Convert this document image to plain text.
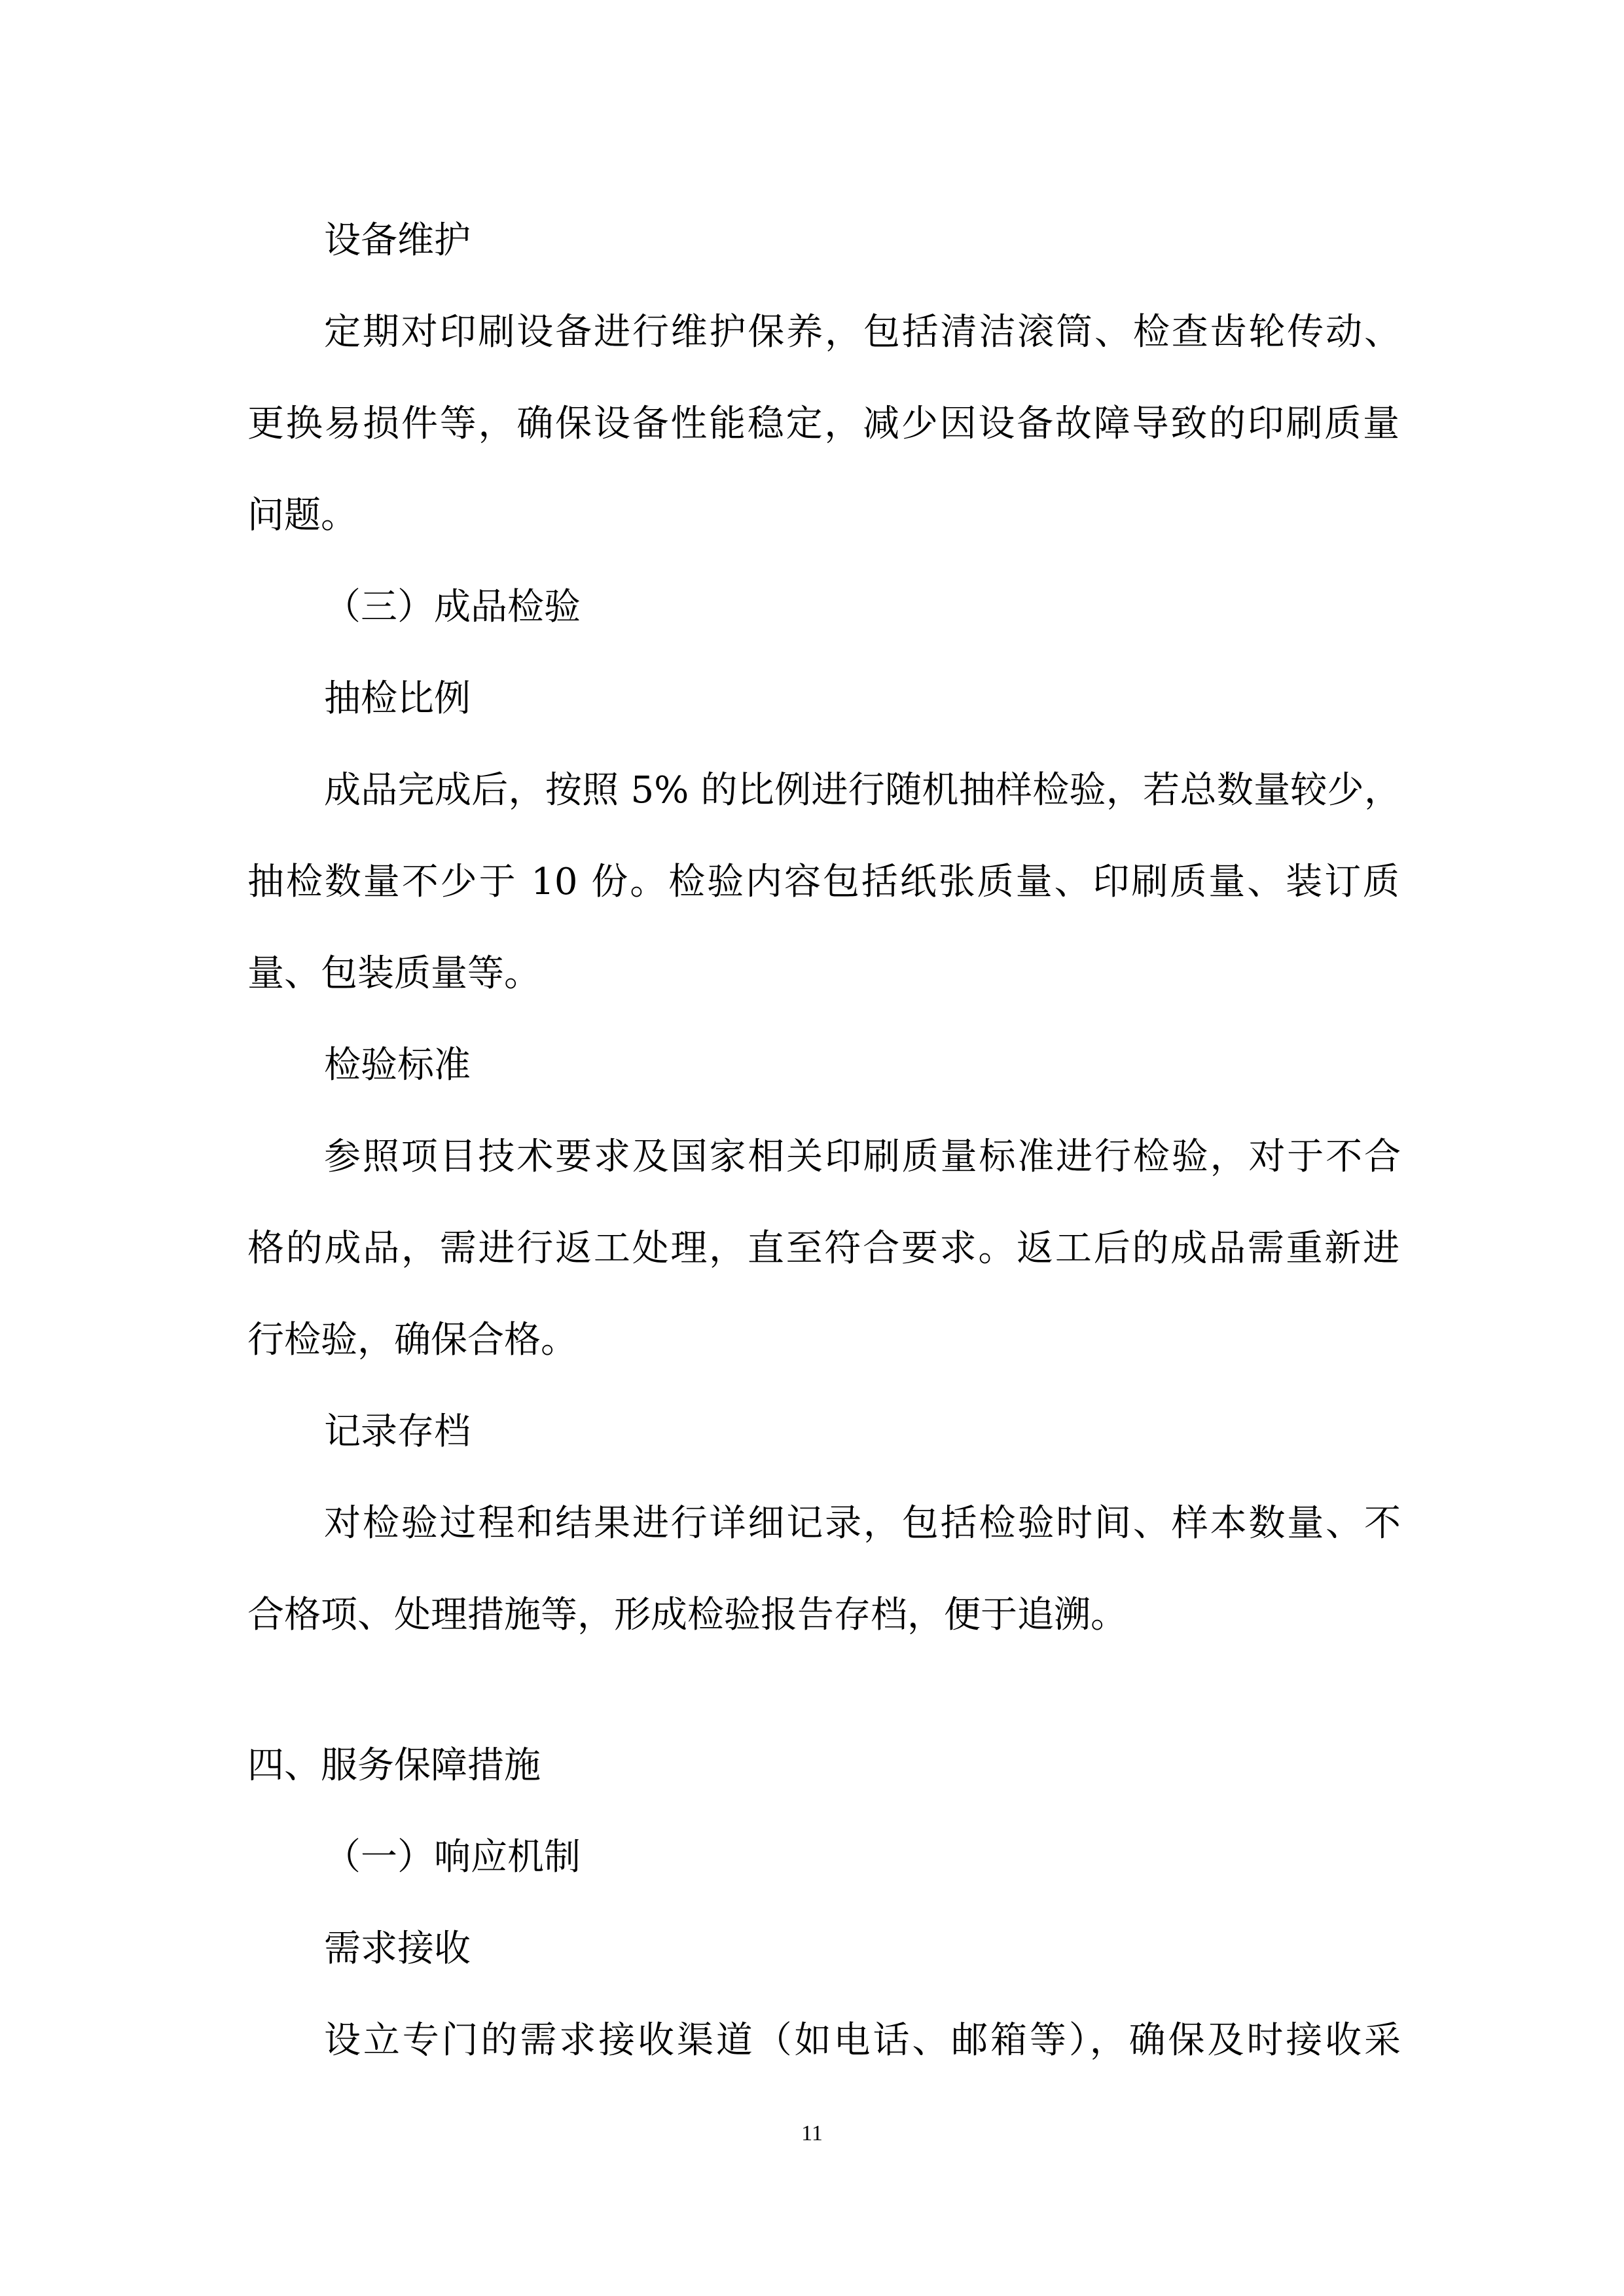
设备维护

定期对印刷设备进行维护保养，包括清洁滚筒、检查齿轮传动、

更换易损件等，确保设备性能稳定，减少因设备故障导致的印刷质量

问题。

（三）成品检验

抽检比例

成品完成后，按照 5% 的比例进行随机抽样检验，若总数量较少，

抽检数量不少于 10 份。检验内容包括纸张质量、印刷质量、装订质

量、包装质量等。

检验标准

参照项目技术要求及国家相关印刷质量标准进行检验，对于不合

格的成品，需进行返工处理，直至符合要求。返工后的成品需重新进

行检验，确保合格。

记录存档

对检验过程和结果进行详细记录，包括检验时间、样本数量、不

合格项、处理措施等，形成检验报告存档，便于追溯。

四、服务保障措施

（一）响应机制

需求接收

设立专门的需求接收渠道（如电话、邮箱等），确保及时接收采

11
